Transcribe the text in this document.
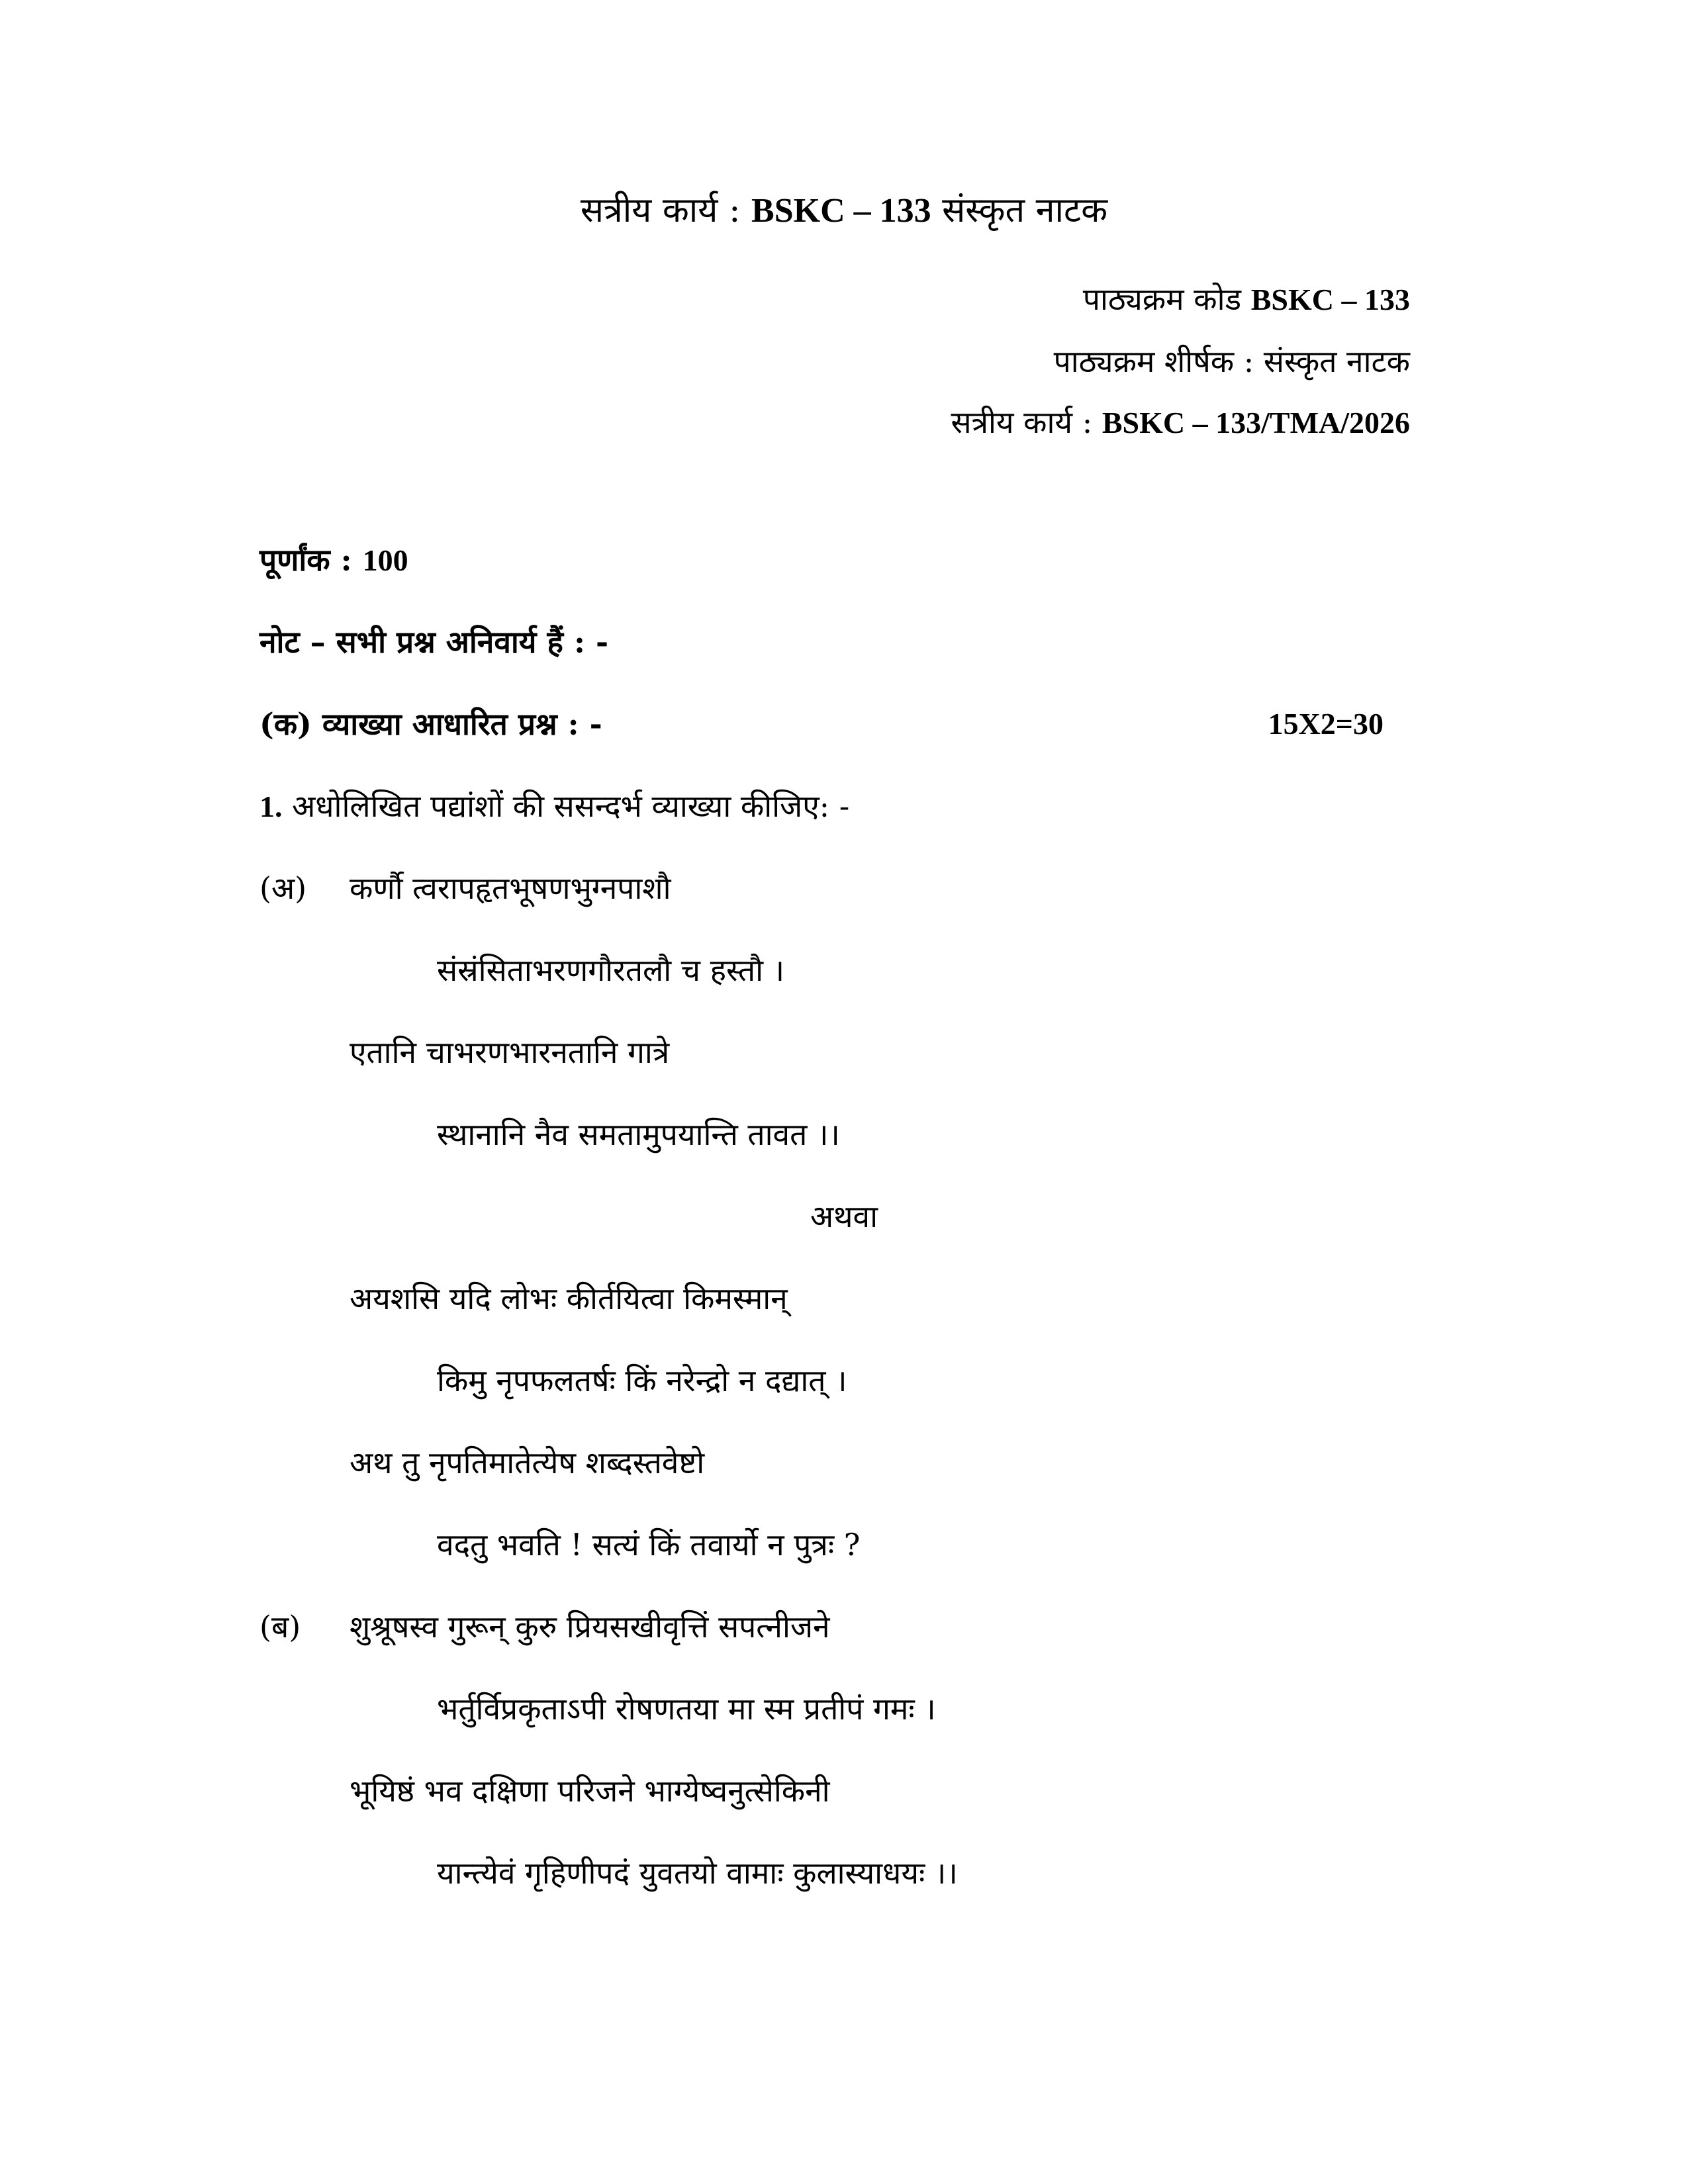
सत्रीय कार्य : BSKC – 133 संस्कृत नाटक
पाठ्यक्रम कोड BSKC – 133
पाठ्यक्रम शीर्षक : संस्कृत नाटक
सत्रीय कार्य : BSKC – 133/TMA/2026
पूर्णांक : 100
नोट – सभी प्रश्न अनिवार्य हैं : -
(क) व्याख्या आधारित प्रश्न : -	15X2=30
1. अधोलिखित पद्यांशों की ससन्दर्भ व्याख्या कीजिए: -
(अ) कर्णौ त्वरापहृतभूषणभुग्नपाशौ
संस्रंसिताभरणगौरतलौ च हस्तौ ।
एतानि चाभरणभारनतानि गात्रे
स्थानानि नैव समतामुपयान्ति तावत ।।
अथवा
अयशसि यदि लोभः कीर्तयित्वा किमस्मान्
किमु नृपफलतर्षः किं नरेन्द्रो न दद्यात् ।
अथ तु नृपतिमातेत्येष शब्दस्तवेष्टो
वदतु भवति ! सत्यं किं तवार्यो न पुत्रः ?
(ब) शुश्रूषस्व गुरून् कुरु प्रियसखीवृत्तिं सपत्नीजने
भर्तुर्विप्रकृताऽपी रोषणतया मा स्म प्रतीपं गमः ।
भूयिष्ठं भव दक्षिणा परिजने भाग्येष्वनुत्सेकिनी
यान्त्येवं गृहिणीपदं युवतयो वामाः कुलास्याधयः ।।
